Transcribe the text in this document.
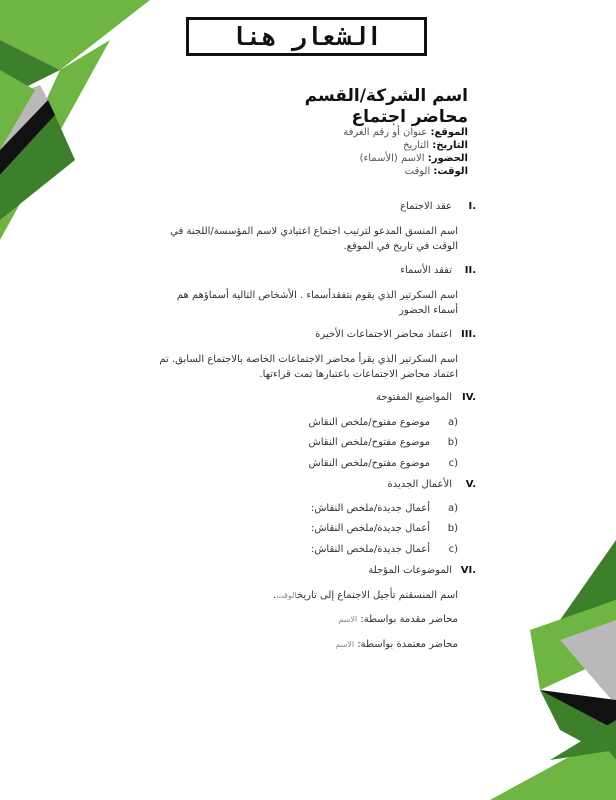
الشعار هنا
اسم الشركة/القسم
محاضر اجتماع
الموقع: عنوان أو رقم الغرفة
التاريخ: التاريخ
الحضور: الاسم (الأسماء)
الوقت: الوقت
I.عقد الاجتماع
اسم المنسق المدعو لترتيب اجتماع اعتيادي لاسم المؤسسة/اللجنة في الوقت في تاريخ في الموقع.
II.تفقد الأسماء
اسم السكرتير الذي يقوم بتفقدأسماء . الأشخاص التالية أسماؤهم هم أسماء الحضور
III.اعتماد محاضر الاجتماعات الأخيرة
اسم السكرتير الذي يقرأ محاضر الاجتماعات الخاصة بالاجتماع السابق. تم اعتماد محاضر الاجتماعات باعتبارها تمت قراءتها.
IV.المواضيع المفتوحة
a)موضوع مفتوح/ملخص النقاش
b)موضوع مفتوح/ملخص النقاش
c)موضوع مفتوح/ملخص النقاش
V.الأعمال الجديدة
a)أعمال جديدة/ملخص النقاش:
b)أعمال جديدة/ملخص النقاش:
c)أعمال جديدة/ملخص النقاش:
VI.الموضوعات المؤجلة
اسم المنسقتم تأجيل الاجتماع إلى تاريخالوقت.
محاضر مقدمة بواسطة: الاسم
محاضر معتمدة بواسطة: الاسم
